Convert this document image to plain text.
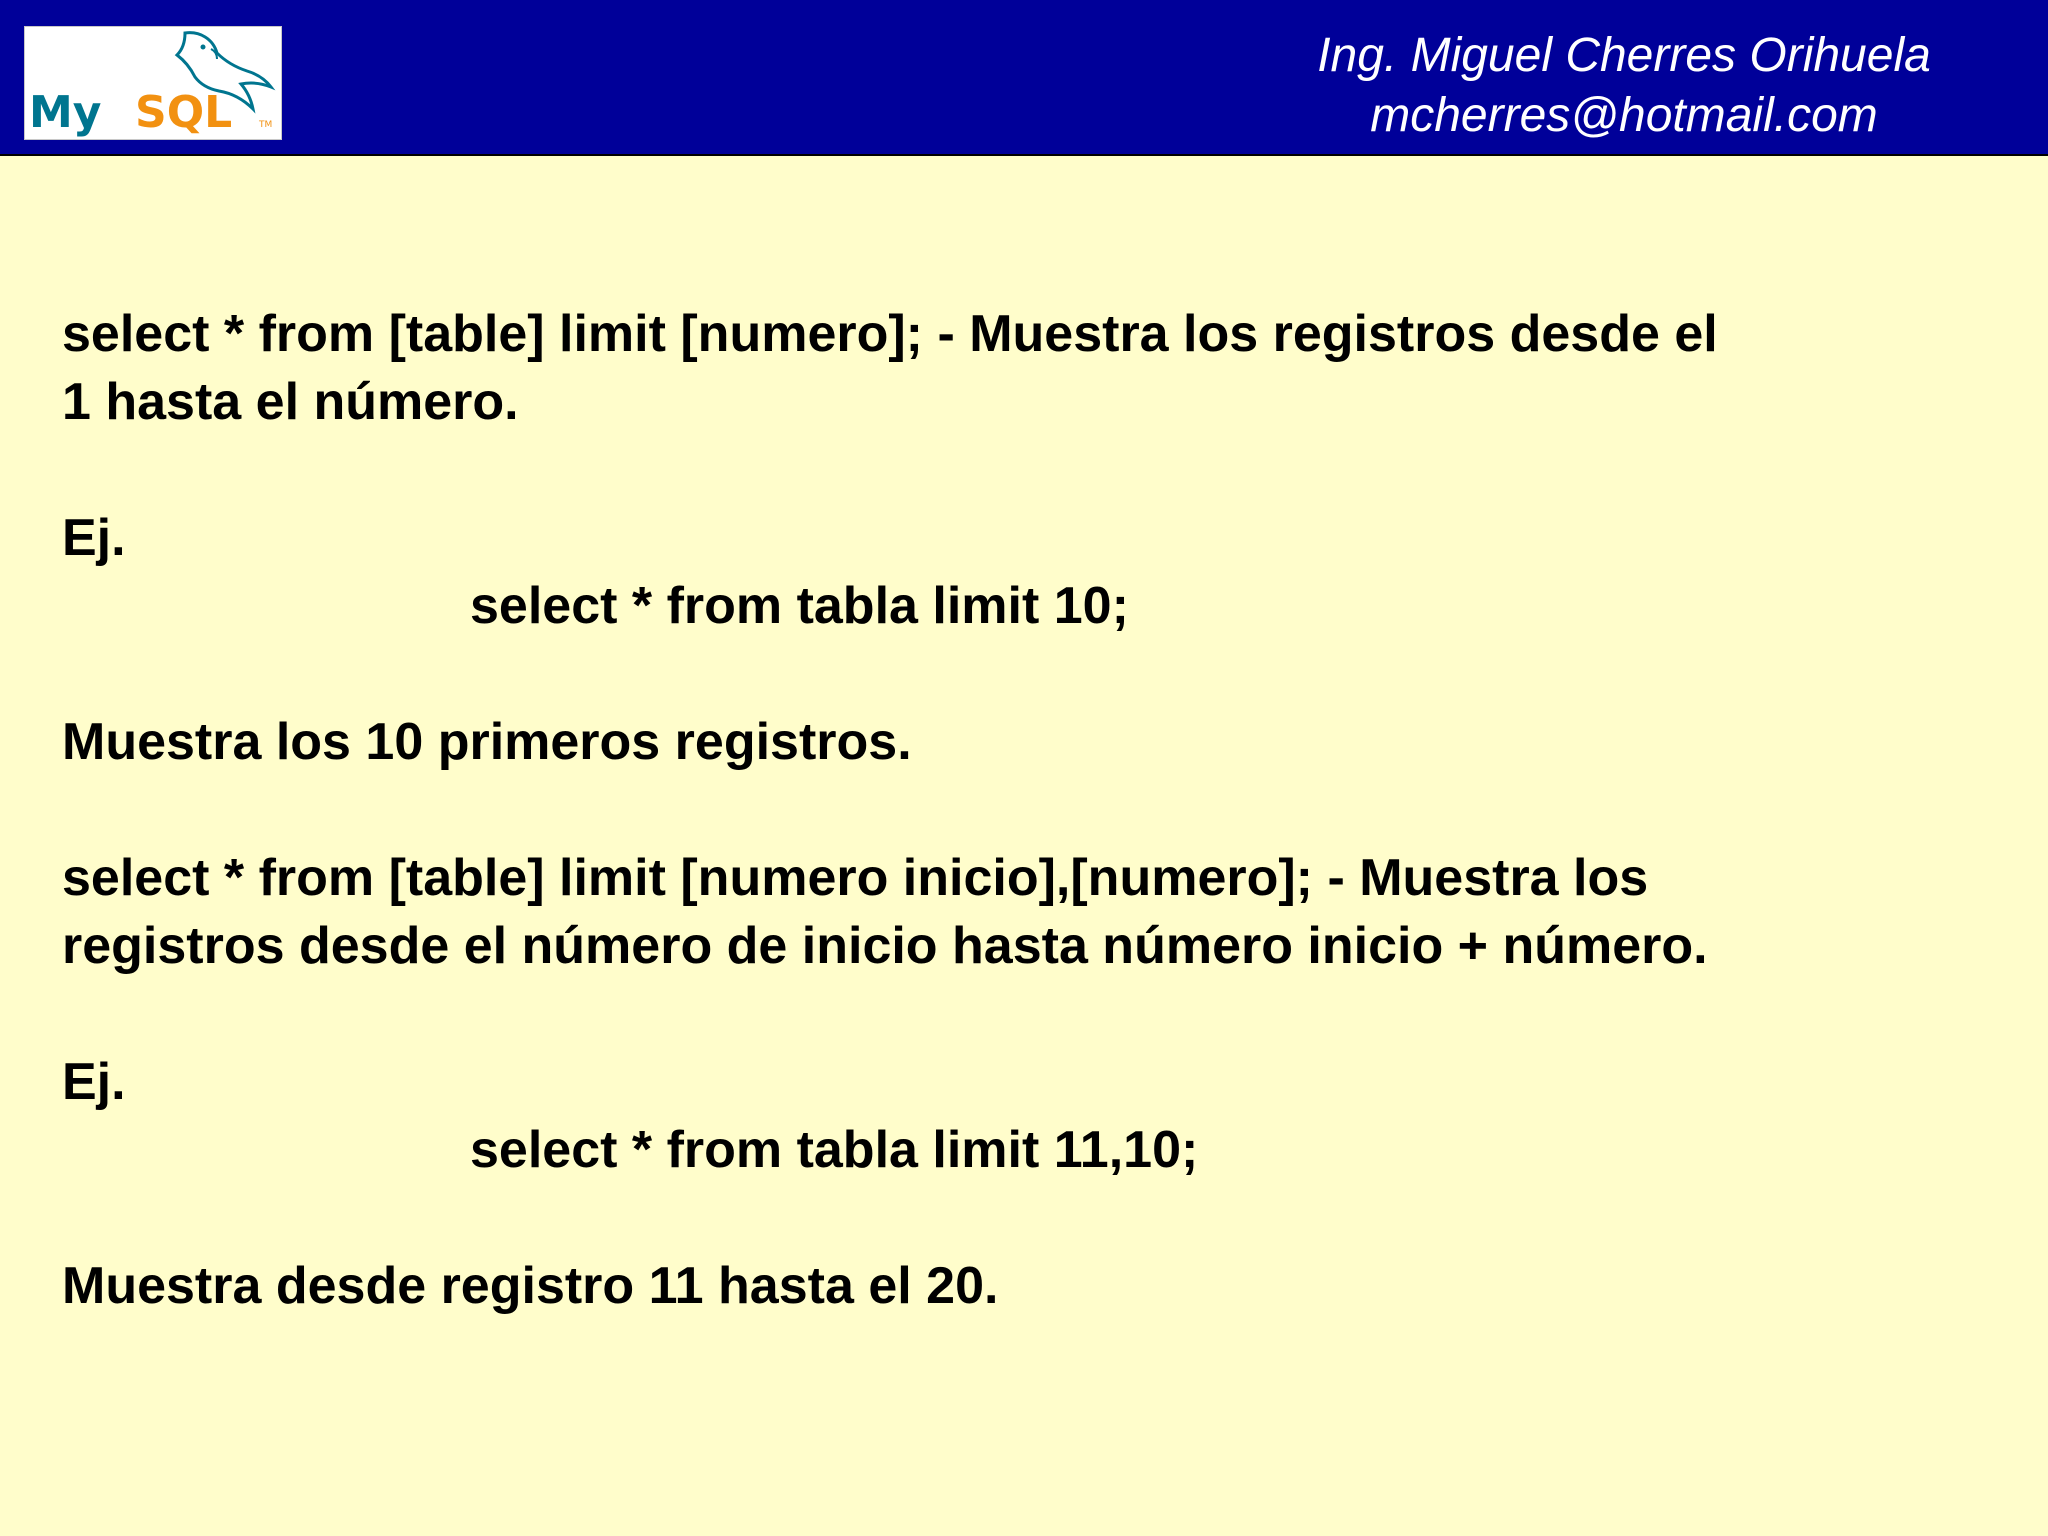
My SQL	TM
Ing. Miguel Cherres Orihuela
mcherres@hotmail.com
select * from [table] limit [numero]; - Muestra los registros desde el
1 hasta el número.
Ej.
select * from tabla limit 10;
Muestra los 10 primeros registros.
select * from [table] limit [numero inicio],[numero]; - Muestra los
registros desde el número de inicio hasta número inicio + número.
Ej.
select * from tabla limit 11,10;
Muestra desde registro 11 hasta el 20.
